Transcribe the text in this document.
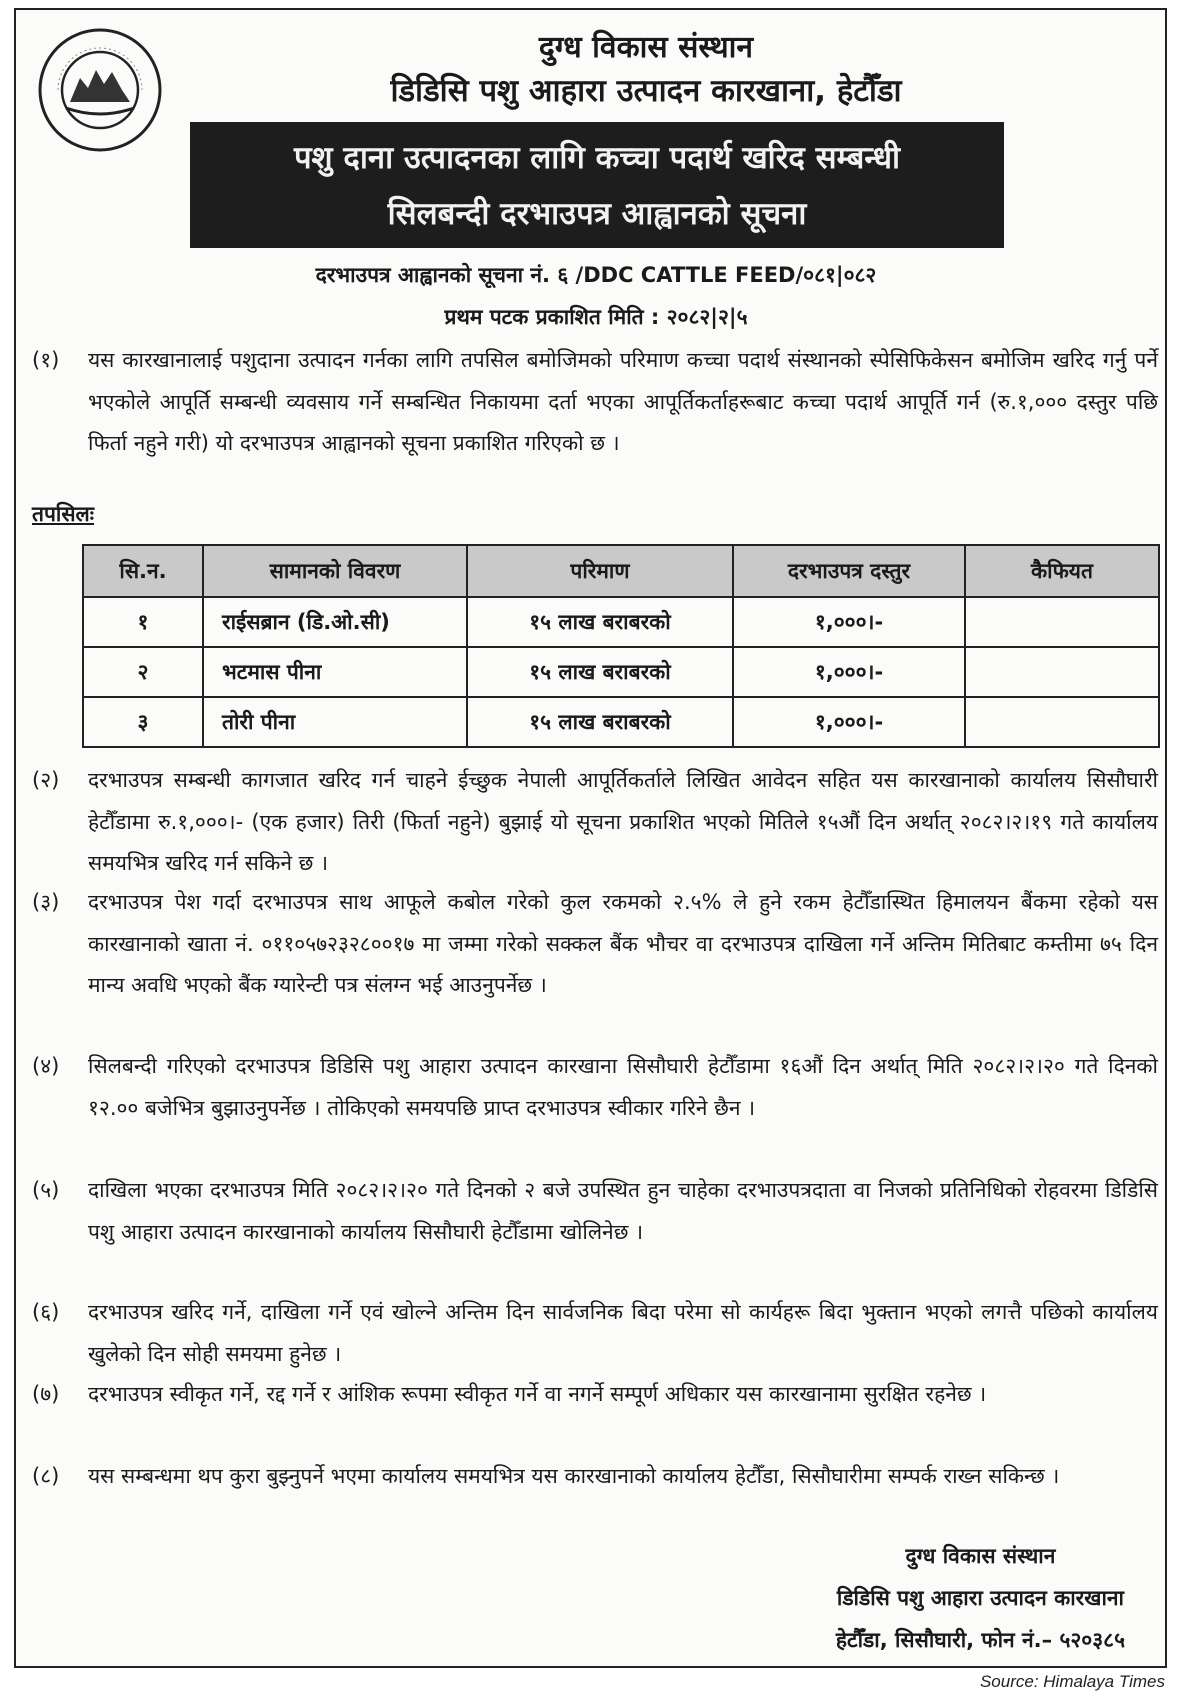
दुग्ध विकास संस्थान
डिडिसि पशु आहारा उत्पादन कारखाना, हेटौँडा
पशु दाना उत्पादनका लागि कच्चा पदार्थ खरिद सम्बन्धी
सिलबन्दी दरभाउपत्र आह्वानको सूचना
दरभाउपत्र आह्वानको सूचना नं. ६ /DDC CATTLE FEED/०८१|०८२
प्रथम पटक प्रकाशित मिति : २०८२|२|५
(१)	यस कारखानालाई पशुदाना उत्पादन गर्नका लागि तपसिल बमोजिमको परिमाण कच्चा पदार्थ संस्थानको स्पेसिफिकेसन बमोजिम खरिद गर्नु पर्ने भएकोले आपूर्ति सम्बन्धी व्यवसाय गर्ने सम्बन्धित निकायमा दर्ता भएका आपूर्तिकर्ताहरूबाट कच्चा पदार्थ आपूर्ति गर्न (रु.१,००० दस्तुर पछि फिर्ता नहुने गरी) यो दरभाउपत्र आह्वानको सूचना प्रकाशित गरिएको छ ।
तपसिलः
सि.न.	सामानको विवरण	परिमाण	दरभाउपत्र दस्तुर	कैफियत
१	राईसब्रान (डि.ओ.सी)	१५ लाख बराबरको	१,०००।-	
२	भटमास पीना	१५ लाख बराबरको	१,०००।-	
३	तोरी पीना	१५ लाख बराबरको	१,०००।-	
(२)	दरभाउपत्र सम्बन्धी कागजात खरिद गर्न चाहने ईच्छुक नेपाली आपूर्तिकर्ताले लिखित आवेदन सहित यस कारखानाको कार्यालय सिसौघारी हेटौँडामा रु.१,०००।- (एक हजार) तिरी (फिर्ता नहुने) बुझाई यो सूचना प्रकाशित भएको मितिले १५औं दिन अर्थात् २०८२।२।१९ गते कार्यालय समयभित्र खरिद गर्न सकिने छ ।
(३)	दरभाउपत्र पेश गर्दा दरभाउपत्र साथ आफूले कबोल गरेको कुल रकमको २.५% ले हुने रकम हेटौँडास्थित हिमालयन बैंकमा रहेको यस कारखानाको खाता नं. ०११०५७२३२८००१७ मा जम्मा गरेको सक्कल बैंक भौचर वा दरभाउपत्र दाखिला गर्ने अन्तिम मितिबाट कम्तीमा ७५ दिन मान्य अवधि भएको बैंक ग्यारेन्टी पत्र संलग्न भई आउनुपर्नेछ ।
(४)	सिलबन्दी गरिएको दरभाउपत्र डिडिसि पशु आहारा उत्पादन कारखाना सिसौघारी हेटौँडामा १६औं दिन अर्थात् मिति २०८२।२।२० गते दिनको १२.०० बजेभित्र बुझाउनुपर्नेछ । तोकिएको समयपछि प्राप्त दरभाउपत्र स्वीकार गरिने छैन ।
(५)	दाखिला भएका दरभाउपत्र मिति २०८२।२।२० गते दिनको २ बजे उपस्थित हुन चाहेका दरभाउपत्रदाता वा निजको प्रतिनिधिको रोहवरमा डिडिसि पशु आहारा उत्पादन कारखानाको कार्यालय सिसौघारी हेटौँडामा खोलिनेछ ।
(६)	दरभाउपत्र खरिद गर्ने, दाखिला गर्ने एवं खोल्ने अन्तिम दिन सार्वजनिक बिदा परेमा सो कार्यहरू बिदा भुक्तान भएको लगत्तै पछिको कार्यालय खुलेको दिन सोही समयमा हुनेछ ।
(७)	दरभाउपत्र स्वीकृत गर्ने, रद्द गर्ने र आंशिक रूपमा स्वीकृत गर्ने वा नगर्ने सम्पूर्ण अधिकार यस कारखानामा सुरक्षित रहनेछ ।
(८)	यस सम्बन्धमा थप कुरा बुझ्नुपर्ने भएमा कार्यालय समयभित्र यस कारखानाको कार्यालय हेटौँडा, सिसौघारीमा सम्पर्क राख्न सकिन्छ ।
दुग्ध विकास संस्थान
डिडिसि पशु आहारा उत्पादन कारखाना
हेटौँडा, सिसौघारी, फोन नं.– ५२०३८५
Source: Himalaya Times
